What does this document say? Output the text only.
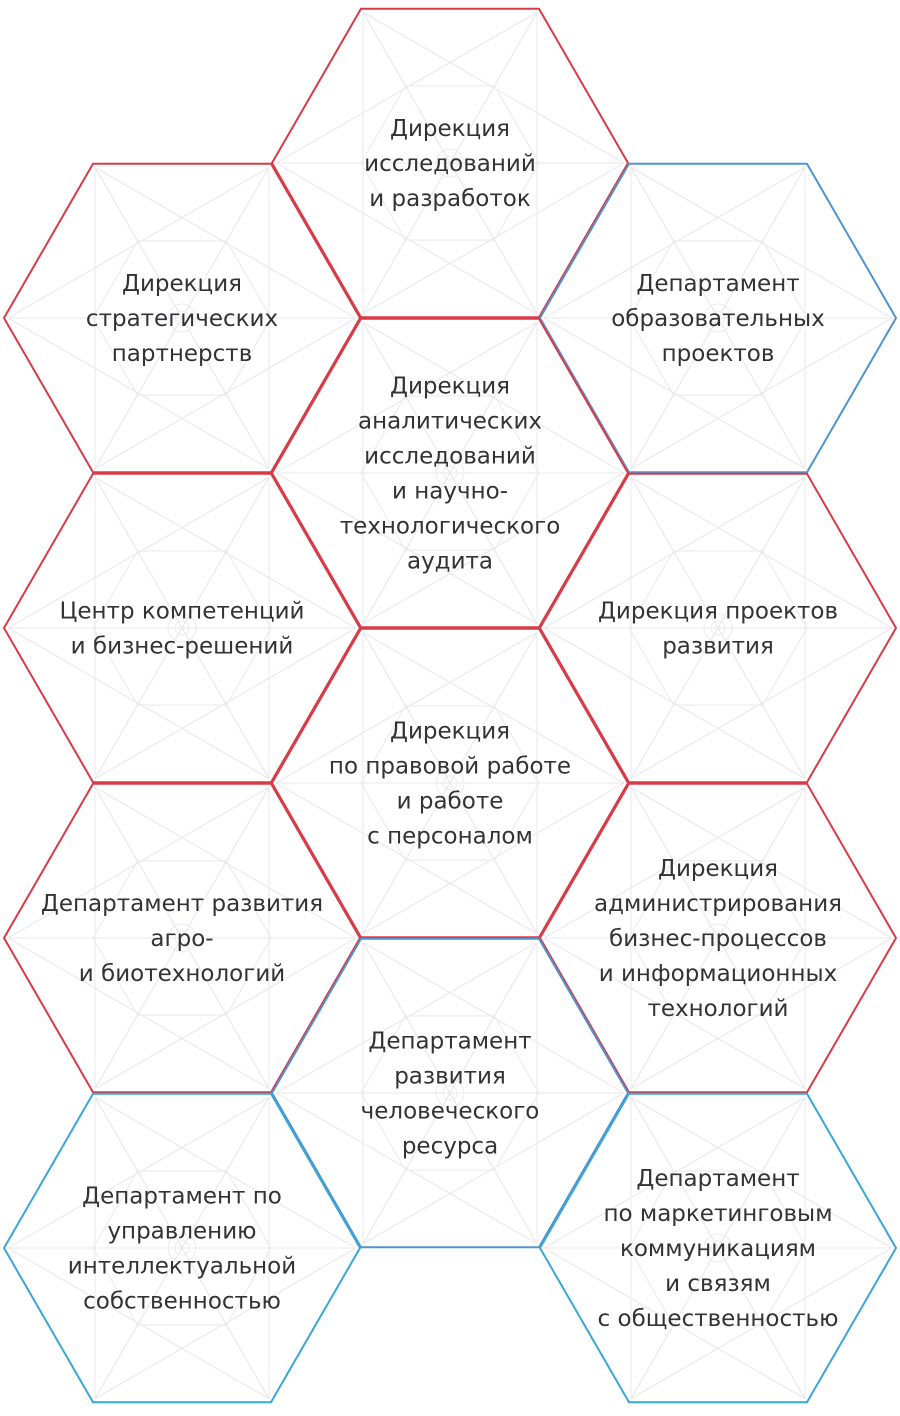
Дирекция исследований и разработок
Дирекция стратегических партнерств
Департамент образовательных проектов
Дирекция аналитических исследований и научно-технологического аудита
Центр компетенций и бизнес-решений
Дирекция проектов развития
Дирекция по правовой работе и работе с персоналом
Департамент развития агро-и биотехнологий
Дирекция администрирования бизнес-процессов и информационных технологий
Департамент развития человеческого ресурса
Департамент по управлению интеллектуальной собственностью
Департамент по маркетинговым коммуникациям и связям с общественностью
